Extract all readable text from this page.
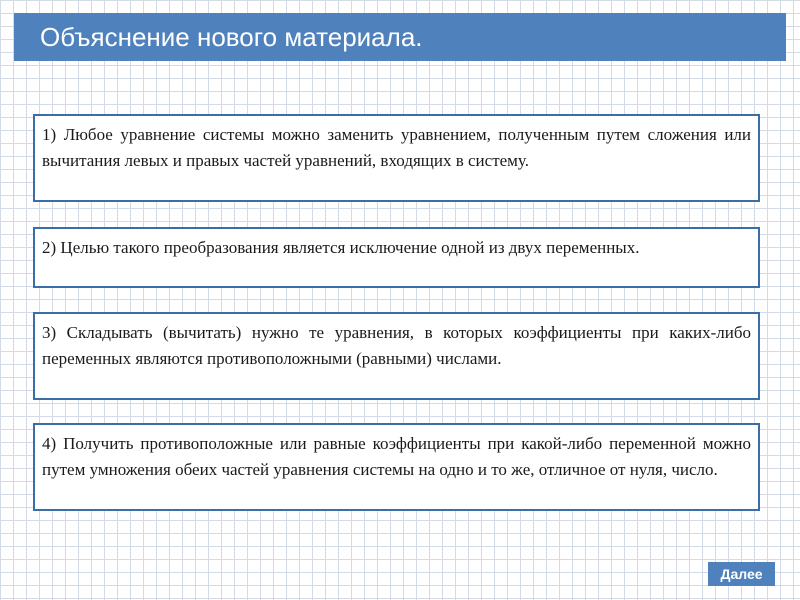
Объяснение нового материала.
1) Любое уравнение системы можно заменить уравнением, полученным путем сложения или вычитания левых и правых частей уравнений, входящих в систему.
2) Целью такого преобразования является исключение одной из двух переменных.
3) Складывать (вычитать) нужно те уравнения, в которых коэффициенты при каких-либо переменных являются противоположными (равными) числами.
4) Получить противоположные или равные коэффициенты при какой-либо переменной можно путем умножения обеих частей уравнения системы на одно и то же, отличное от нуля, число.
Далее
